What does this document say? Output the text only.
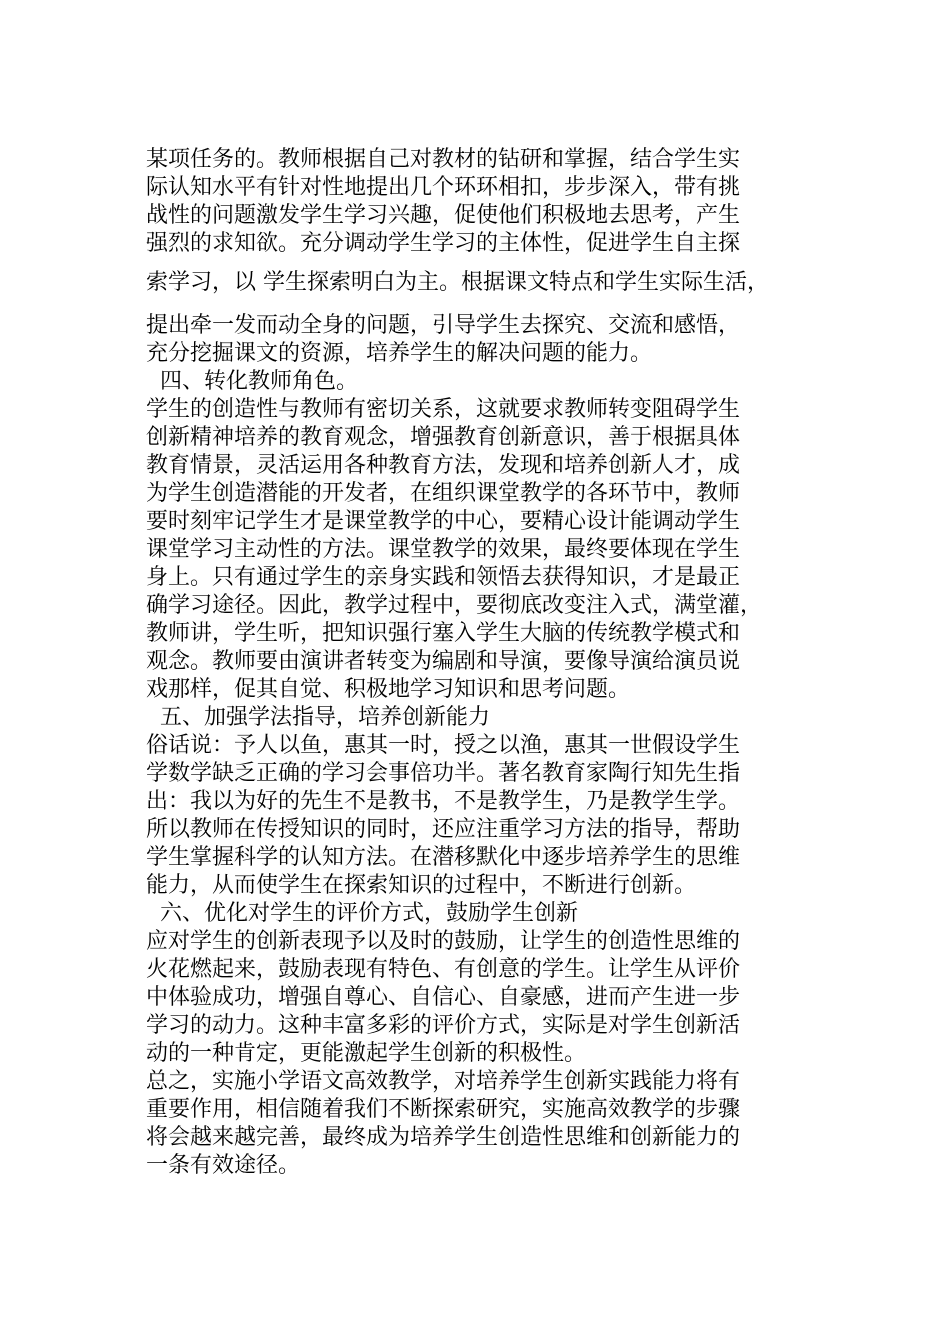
某项任务的。教师根据自己对教材的钻研和掌握，结合学生实
际认知水平有针对性地提出几个环环相扣，步步深入，带有挑
战性的问题激发学生学习兴趣，促使他们积极地去思考，产生
强烈的求知欲。充分调动学生学习的主体性，促进学生自主探
索学习，以 学生探索明白为主。根据课文特点和学生实际生活，
提出牵一发而动全身的问题，引导学生去探究、交流和感悟，
充分挖掘课文的资源，培养学生的解决问题的能力。
四、转化教师角色。
学生的创造性与教师有密切关系，这就要求教师转变阻碍学生
创新精神培养的教育观念，增强教育创新意识，善于根据具体
教育情景，灵活运用各种教育方法，发现和培养创新人才，成
为学生创造潜能的开发者，在组织课堂教学的各环节中，教师
要时刻牢记学生才是课堂教学的中心，要精心设计能调动学生
课堂学习主动性的方法。课堂教学的效果，最终要体现在学生
身上。只有通过学生的亲身实践和领悟去获得知识，才是最正
确学习途径。因此，教学过程中，要彻底改变注入式，满堂灌，
教师讲，学生听，把知识强行塞入学生大脑的传统教学模式和
观念。教师要由演讲者转变为编剧和导演，要像导演给演员说
戏那样，促其自觉、积极地学习知识和思考问题。
五、加强学法指导，培养创新能力
俗话说：予人以鱼，惠其一时，授之以渔，惠其一世假设学生
学数学缺乏正确的学习会事倍功半。著名教育家陶行知先生指
出：我以为好的先生不是教书，不是教学生，乃是教学生学。
所以教师在传授知识的同时，还应注重学习方法的指导，帮助
学生掌握科学的认知方法。在潜移默化中逐步培养学生的思维
能力，从而使学生在探索知识的过程中，不断进行创新。
六、优化对学生的评价方式，鼓励学生创新
应对学生的创新表现予以及时的鼓励，让学生的创造性思维的
火花燃起来，鼓励表现有特色、有创意的学生。让学生从评价
中体验成功，增强自尊心、自信心、自豪感，进而产生进一步
学习的动力。这种丰富多彩的评价方式，实际是对学生创新活
动的一种肯定，更能激起学生创新的积极性。
总之，实施小学语文高效教学，对培养学生创新实践能力将有
重要作用，相信随着我们不断探索研究，实施高效教学的步骤
将会越来越完善，最终成为培养学生创造性思维和创新能力的
一条有效途径。
